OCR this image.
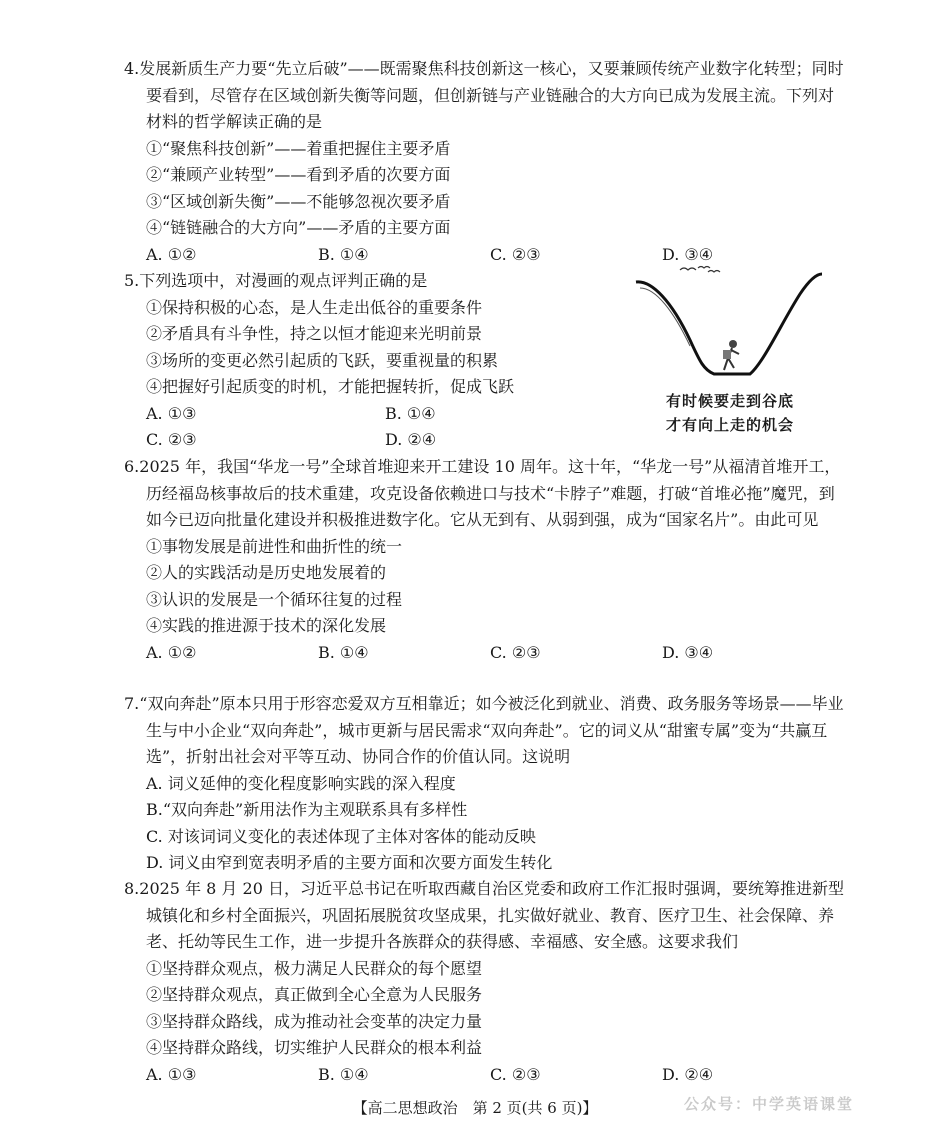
4.发展新质生产力要“先立后破”——既需聚焦科技创新这一核心，又要兼顾传统产业数字化转型；同时要看到，尽管存在区域创新失衡等问题，但创新链与产业链融合的大方向已成为发展主流。下列对材料的哲学解读正确的是

①“聚焦科技创新”——着重把握住主要矛盾

②“兼顾产业转型”——看到矛盾的次要方面

③“区域创新失衡”——不能够忽视次要矛盾

④“链链融合的大方向”——矛盾的主要方面

A. ①②	B. ①④	C. ②③	D. ③④

5.下列选项中，对漫画的观点评判正确的是

①保持积极的心态，是人生走出低谷的重要条件

②矛盾具有斗争性，持之以恒才能迎来光明前景

③场所的变更必然引起质的飞跃，要重视量的积累

④把握好引起质变的时机，才能把握转折，促成飞跃

A. ①③	B. ①④
C. ②③	D. ②④
有时候要走到谷底
才有向上走的机会

6.2025 年，我国“华龙一号”全球首堆迎来开工建设 10 周年。这十年，“华龙一号”从福清首堆开工，历经福岛核事故后的技术重建，攻克设备依赖进口与技术“卡脖子”难题，打破“首堆必拖”魔咒，到如今已迈向批量化建设并积极推进数字化。它从无到有、从弱到强，成为“国家名片”。由此可见

①事物发展是前进性和曲折性的统一

②人的实践活动是历史地发展着的

③认识的发展是一个循环往复的过程

④实践的推进源于技术的深化发展

A. ①②	B. ①④	C. ②③	D. ③④

7.“双向奔赴”原本只用于形容恋爱双方互相靠近；如今被泛化到就业、消费、政务服务等场景——毕业生与中小企业“双向奔赴”，城市更新与居民需求“双向奔赴”。它的词义从“甜蜜专属”变为“共赢互选”，折射出社会对平等互动、协同合作的价值认同。这说明

A. 词义延伸的变化程度影响实践的深入程度

B.“双向奔赴”新用法作为主观联系具有多样性

C. 对该词词义变化的表述体现了主体对客体的能动反映

D. 词义由窄到宽表明矛盾的主要方面和次要方面发生转化

8.2025 年 8 月 20 日，习近平总书记在听取西藏自治区党委和政府工作汇报时强调，要统筹推进新型城镇化和乡村全面振兴，巩固拓展脱贫攻坚成果，扎实做好就业、教育、医疗卫生、社会保障、养老、托幼等民生工作，进一步提升各族群众的获得感、幸福感、安全感。这要求我们

①坚持群众观点，极力满足人民群众的每个愿望

②坚持群众观点，真正做到全心全意为人民服务

③坚持群众路线，成为推动社会变革的决定力量

④坚持群众路线，切实维护人民群众的根本利益

A. ①③	B. ①④	C. ②③	D. ②④
【高二思想政治　第 2 页(共 6 页)】	公众号：中学英语课堂
